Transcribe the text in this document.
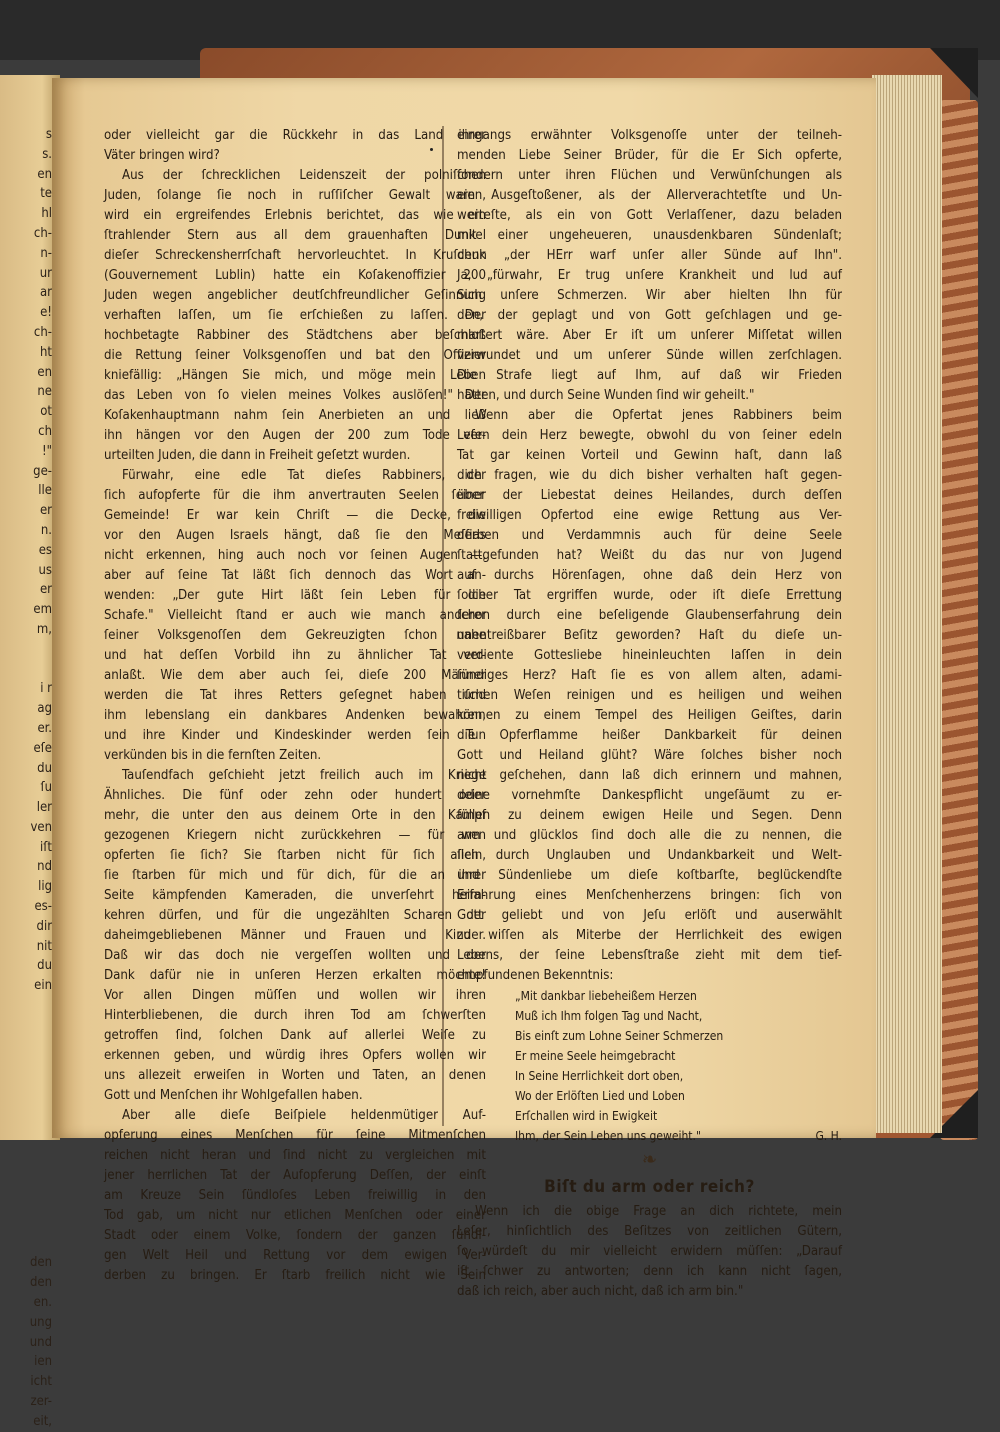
s
s.
en
te
hl
ch-
n-
ur
ar
e!
ch-
ht
en
ne
ot
ch
!"
ge-
lle
er
n.
es
us
er
em
m,
i r
ag
er.
eſe
du
ſu
ler
ven
iſt
nd
lig
es-
dir
nit
du
ein
den
den
en.
ung
und
ien
icht
zer-
eit,
oder vielleicht gar die Rückkehr in das Land ihrer
Väter bringen wird?
Aus der ſchrecklichen Leidenszeit der polniſchen
Juden, ſolange ſie noch in ruſſiſcher Gewalt waren,
wird ein ergreifendes Erlebnis berichtet, das wie ein
ſtrahlender Stern aus all dem grauenhaften Dunkel
dieſer Schreckensherrſchaft hervorleuchtet. In Kruſchuk
(Gouvernement Lublin) hatte ein Koſakenoffizier 200
Juden wegen angeblicher deutſchfreundlicher Geſinnung
verhaften laſſen, um ſie erſchießen zu laſſen. Der
hochbetagte Rabbiner des Städtchens aber beſchloß
die Rettung ſeiner Volksgenoſſen und bat den Offizier
kniefällig: „Hängen Sie mich, und möge mein Leben
das Leben von ſo vielen meines Volkes auslöſen!" Der
Koſakenhauptmann nahm ſein Anerbieten an und ließ
ihn hängen vor den Augen der 200 zum Tode ver-
urteilten Juden, die dann in Freiheit geſetzt wurden.
Fürwahr, eine edle Tat dieſes Rabbiners, der
ſich aufopferte für die ihm anvertrauten Seelen ſeiner
Gemeinde! Er war kein Chriſt — die Decke, die
vor den Augen Israels hängt, daß ſie den Meſſias
nicht erkennen, hing auch noch vor ſeinen Augen —,
aber auf ſeine Tat läßt ſich dennoch das Wort an-
wenden: „Der gute Hirt läßt ſein Leben für die
Schafe." Vielleicht ſtand er auch wie manch anderer
ſeiner Volksgenoſſen dem Gekreuzigten ſchon nahe
und hat deſſen Vorbild ihn zu ähnlicher Tat ver-
anlaßt. Wie dem aber auch ſei, dieſe 200 Männer
werden die Tat ihres Retters geſegnet haben und
ihm lebenslang ein dankbares Andenken bewahren,
und ihre Kinder und Kindeskinder werden ſein Tun
verkünden bis in die fernſten Zeiten.
Tauſendfach geſchieht jetzt freilich auch im Kriege
Ähnliches. Die fünf oder zehn oder hundert oder
mehr, die unter den aus deinem Orte in den Kampf
gezogenen Kriegern nicht zurückkehren — für wen
opferten ſie ſich? Sie ſtarben nicht für ſich allein,
ſie ſtarben für mich und für dich, für die an ihrer
Seite kämpfenden Kameraden, die unverſehrt heim-
kehren dürfen, und für die ungezählten Scharen der
daheimgebliebenen Männer und Frauen und Kinder.
Daß wir das doch nie vergeſſen wollten und der
Dank dafür nie in unſeren Herzen erkalten möchte!
Vor allen Dingen müſſen und wollen wir ihren
Hinterbliebenen, die durch ihren Tod am ſchwerſten
getroffen ſind, ſolchen Dank auf allerlei Weiſe zu
erkennen geben, und würdig ihres Opfers wollen wir
uns allezeit erweiſen in Worten und Taten, an denen
Gott und Menſchen ihr Wohlgefallen haben.
Aber alle dieſe Beiſpiele heldenmütiger Auf-
opferung eines Menſchen für ſeine Mitmenſchen
reichen nicht heran und ſind nicht zu vergleichen mit
jener herrlichen Tat der Aufopferung Deſſen, der einſt
am Kreuze Sein ſündloſes Leben freiwillig in den
Tod gab, um nicht nur etlichen Menſchen oder einer
Stadt oder einem Volke, ſondern der ganzen ſündi-
gen Welt Heil und Rettung vor dem ewigen Ver-
derben zu bringen. Er ſtarb freilich nicht wie Sein
eingangs erwähnter Volksgenoſſe unter der teilneh-
menden Liebe Seiner Brüder, für die Er Sich opferte,
ſondern unter ihren Flüchen und Verwünſchungen als
ein Ausgeſtoßener, als der Allerverachtetſte und Un-
werteſte, als ein von Gott Verlaſſener, dazu beladen
mit einer ungeheueren, unausdenkbaren Sündenlaſt;
denn „der HErr warf unſer aller Sünde auf Ihn".
Ja, „fürwahr, Er trug unſere Krankheit und lud auf
Sich unſere Schmerzen. Wir aber hielten Ihn für
den, der geplagt und von Gott geſchlagen und ge-
martert wäre. Aber Er iſt um unſerer Miſſetat willen
verwundet und um unſerer Sünde willen zerſchlagen.
Die Strafe liegt auf Ihm, auf daß wir Frieden
hätten, und durch Seine Wunden ſind wir geheilt."
Wenn aber die Opfertat jenes Rabbiners beim
Leſen dein Herz bewegte, obwohl du von ſeiner edeln
Tat gar keinen Vorteil und Gewinn haſt, dann laß
dich fragen, wie du dich bisher verhalten haſt gegen-
über der Liebestat deines Heilandes, durch deſſen
freiwilligen Opfertod eine ewige Rettung aus Ver-
derben und Verdammnis auch für deine Seele
ſtattgefunden hat? Weißt du das nur von Jugend
auf durchs Hörenſagen, ohne daß dein Herz von
ſolcher Tat ergriffen wurde, oder iſt dieſe Errettung
ſchon durch eine beſeligende Glaubenserfahrung dein
unentreißbarer Beſitz geworden? Haſt du dieſe un-
verdiente Gottesliebe hineinleuchten laſſen in dein
ſündiges Herz? Haſt ſie es von allem alten, adami-
tiſchen Weſen reinigen und es heiligen und weihen
können zu einem Tempel des Heiligen Geiſtes, darin
die Opferflamme heißer Dankbarkeit für deinen
Gott und Heiland glüht? Wäre ſolches bisher noch
nicht geſchehen, dann laß dich erinnern und mahnen,
deine vornehmſte Dankespflicht ungeſäumt zu er-
füllen zu deinem ewigen Heile und Segen. Denn
arm und glücklos ſind doch alle die zu nennen, die
ſich durch Unglauben und Undankbarkeit und Welt-
und Sündenliebe um dieſe koſtbarſte, beglückendſte
Erfahrung eines Menſchenherzens bringen: ſich von
Gott geliebt und von Jeſu erlöſt und auserwählt
zu wiſſen als Miterbe der Herrlichkeit des ewigen
Lebens, der ſeine Lebensſtraße zieht mit dem tief-
empfundenen Bekenntnis:
„Mit dankbar liebeheißem Herzen
Muß ich Ihm folgen Tag und Nacht,
Bis einſt zum Lohne Seiner Schmerzen
Er meine Seele heimgebracht
In Seine Herrlichkeit dort oben,
Wo der Erlöſten Lied und Loben
Erſchallen wird in Ewigkeit
Ihm, der Sein Leben uns geweiht."	G. H.
❧
Biſt du arm oder reich?
Wenn ich die obige Frage an dich richtete, mein
Leſer, hinſichtlich des Beſitzes von zeitlichen Gütern,
ſo würdeſt du mir vielleicht erwidern müſſen: „Darauf
iſt ſchwer zu antworten; denn ich kann nicht ſagen,
daß ich reich, aber auch nicht, daß ich arm bin."
